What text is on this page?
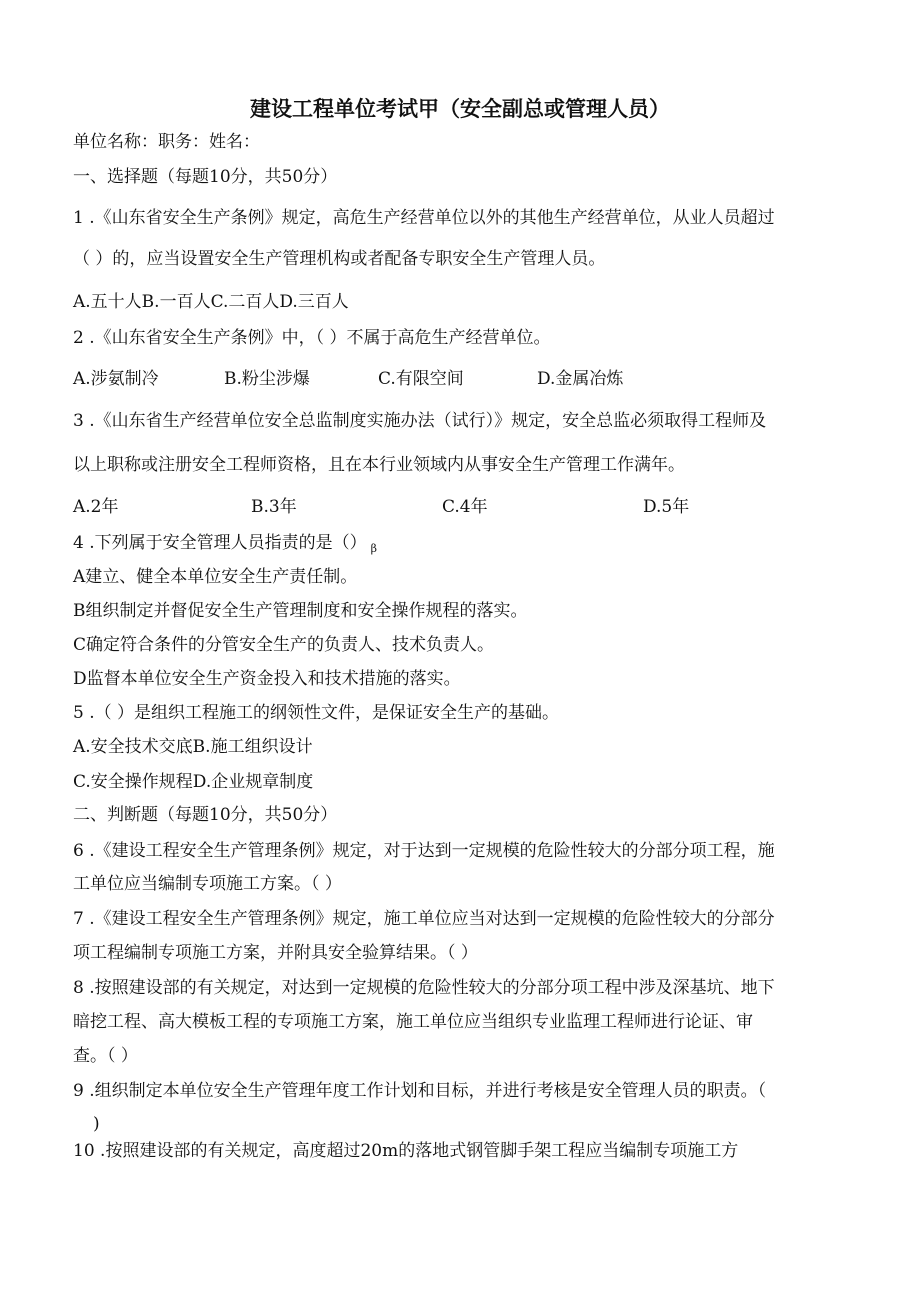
建设工程单位考试甲（安全副总或管理人员）
单位名称：职务：姓名：
一、选择题（每题10分，共50分）
1 .《山东省安全生产条例》规定，高危生产经营单位以外的其他生产经营单位，从业人员超过
（ ）的，应当设置安全生产管理机构或者配备专职安全生产管理人员。
A.五十人B.一百人C.二百人D.三百人
2 .《山东省安全生产条例》中，（ ）不属于高危生产经营单位。
A.涉氨制冷	B.粉尘涉爆	C.有限空间	D.金属冶炼
3 .《山东省生产经营单位安全总监制度实施办法（试行）》规定，安全总监必须取得工程师及
以上职称或注册安全工程师资格，且在本行业领域内从事安全生产管理工作满年。
A.2年	B.3年	C.4年	D.5年
4 .下列属于安全管理人员指责的是（） $_\beta$
A建立、健全本单位安全生产责任制。
B组织制定并督促安全生产管理制度和安全操作规程的落实。
C确定符合条件的分管安全生产的负责人、技术负责人。
D监督本单位安全生产资金投入和技术措施的落实。
5 .（ ）是组织工程施工的纲领性文件，是保证安全生产的基础。
A.安全技术交底B.施工组织设计
C.安全操作规程D.企业规章制度
二、判断题（每题10分，共50分）
6 .《建设工程安全生产管理条例》规定，对于达到一定规模的危险性较大的分部分项工程，施
工单位应当编制专项施工方案。（ ）
7 .《建设工程安全生产管理条例》规定，施工单位应当对达到一定规模的危险性较大的分部分
项工程编制专项施工方案，并附具安全验算结果。（ ）
8 .按照建设部的有关规定，对达到一定规模的危险性较大的分部分项工程中涉及深基坑、地下
暗挖工程、高大模板工程的专项施工方案，施工单位应当组织专业监理工程师进行论证、审
查。（ ）
9 .组织制定本单位安全生产管理年度工作计划和目标，并进行考核是安全管理人员的职责。（
)
10 .按照建设部的有关规定，高度超过20m的落地式钢管脚手架工程应当编制专项施工方
